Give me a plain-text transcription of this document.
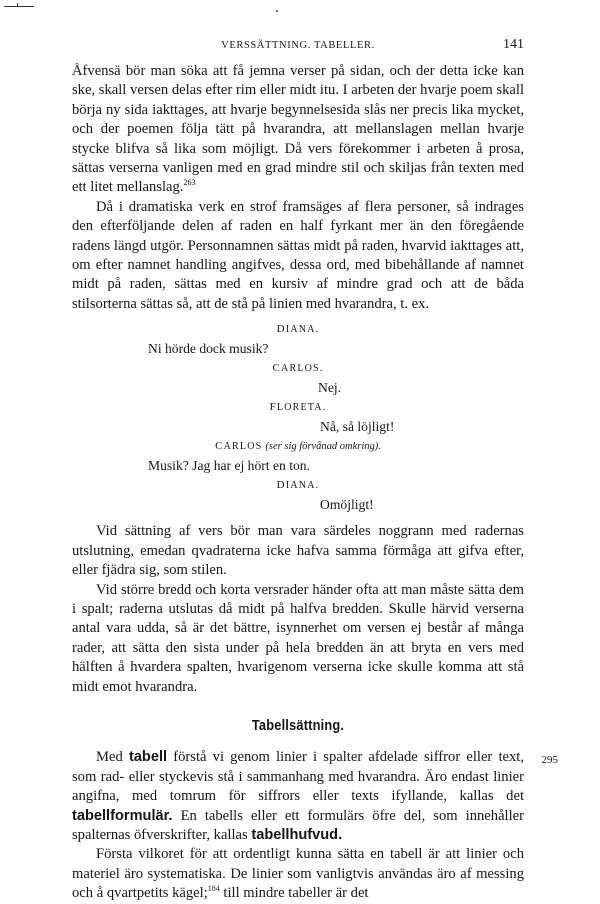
VERSSÄTTNING. TABELLER.	141

Åfvensä bör man söka att få jemna verser på sidan, och der detta icke kan ske, skall versen delas efter rim eller midt itu. I arbeten der hvarje poem skall börja ny sida iakttages, att hvarje begynnelsesida slås ner precis lika mycket, och der poemen följa tätt på hvarandra, att mellanslagen mellan hvarje stycke blifva så lika som möjligt. Då vers förekommer i arbeten å prosa, sättas verserna vanligen med en grad mindre stil och skiljas från texten med ett litet mellanslag.$^{263}$

Då i dramatiska verk en strof framsäges af flera personer, så indrages den efterföljande delen af raden en half fyrkant mer än den föregående radens längd utgör. Personnamnen sättas midt på raden, hvarvid iakttages att, om efter namnet handling angifves, dessa ord, med bibehållande af namnet midt på raden, sättas med en kursiv af mindre grad och att de båda stilsorterna sättas så, att de stå på linien med hvarandra, t. ex.

DIANA.
Ni hörde dock musik?
CARLOS.
Nej.
FLORETA.
Nå, så löjligt!
CARLOS (ser sig förvånad omkring).
Musik? Jag har ej hört en ton.
DIANA.
Omöjligt!

Vid sättning af vers bör man vara särdeles noggrann med radernas utslutning, emedan qvadraterna icke hafva samma förmåga att gifva efter, eller fjädra sig, som stilen.

Vid större bredd och korta versrader händer ofta att man måste sätta dem i spalt; raderna utslutas då midt på halfva bredden. Skulle härvid verserna antal vara udda, så är det bättre, isynnerhet om versen ej består af många rader, att sätta den sista under på hela bredden än att bryta en vers med hälften å hvardera spalten, hvarigenom verserna icke skulle komma att stå midt emot hvarandra.

Tabellsättning.

295
Med tabell förstå vi genom linier i spalter afdelade siffror eller text, som rad- eller styckevis stå i sammanhang med hvarandra. Äro endast linier angifna, med tomrum för siffrors eller texts ifyllande, kallas det tabellformulär. En tabells eller ett formulärs öfre del, som innehåller spalternas öfverskrifter, kallas tabellhufvud.

Första vilkoret för att ordentligt kunna sätta en tabell är att linier och materiel äro systematiska. De linier som vanligtvis användas äro af messing och å qvartpetits kägel;$^{184}$ till mindre tabeller är det
